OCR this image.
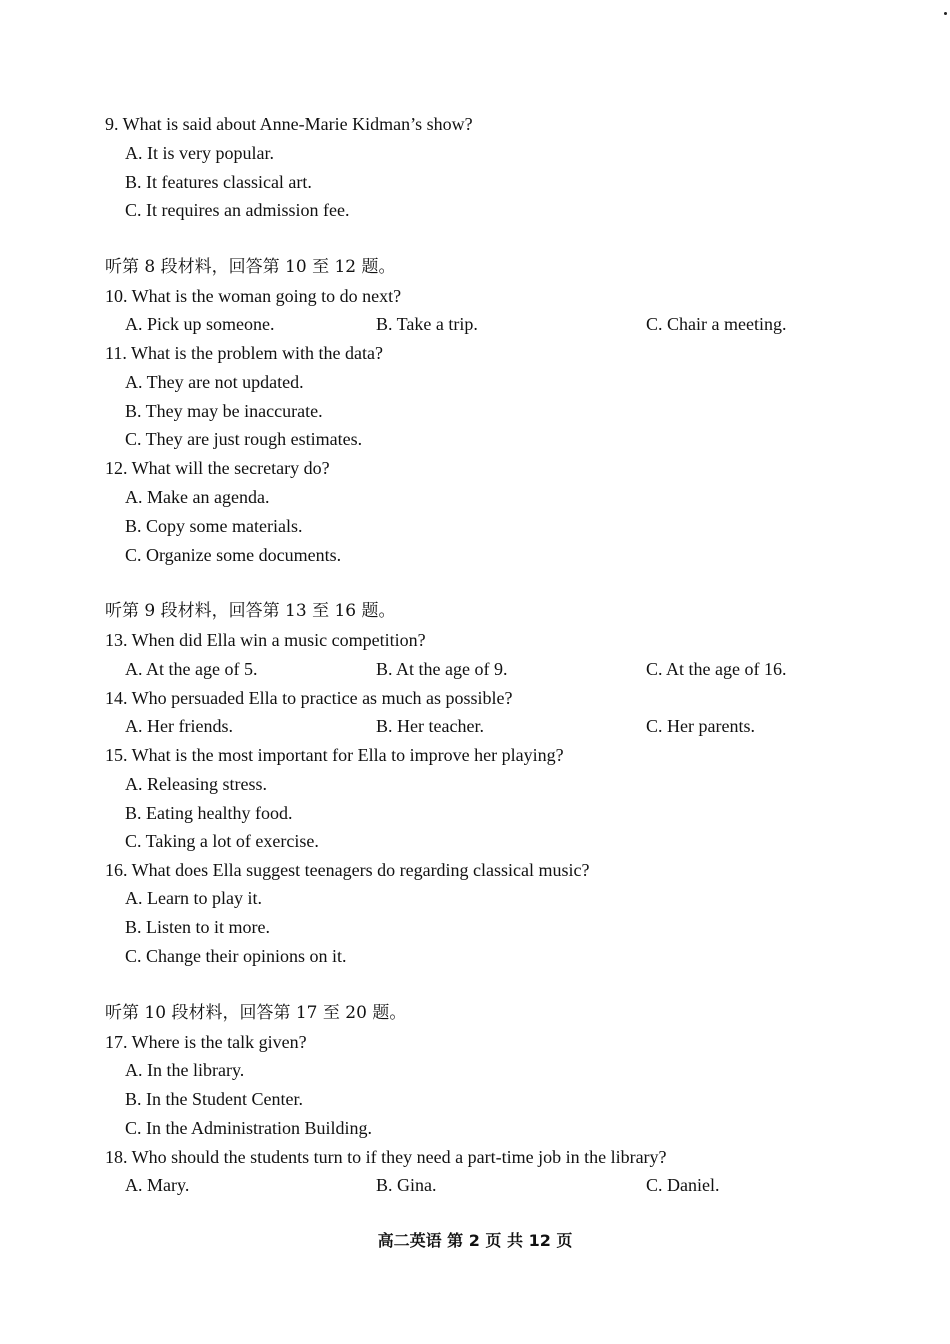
9. What is said about Anne-Marie Kidman’s show?
A. It is very popular.
B. It features classical art.
C. It requires an admission fee.
听第 8 段材料，回答第 10 至 12 题。
10. What is the woman going to do next?
A. Pick up someone.	B. Take a trip.	C. Chair a meeting.
11. What is the problem with the data?
A. They are not updated.
B. They may be inaccurate.
C. They are just rough estimates.
12. What will the secretary do?
A. Make an agenda.
B. Copy some materials.
C. Organize some documents.
听第 9 段材料，回答第 13 至 16 题。
13. When did Ella win a music competition?
A. At the age of 5.	B. At the age of 9.	C. At the age of 16.
14. Who persuaded Ella to practice as much as possible?
A. Her friends.	B. Her teacher.	C. Her parents.
15. What is the most important for Ella to improve her playing?
A. Releasing stress.
B. Eating healthy food.
C. Taking a lot of exercise.
16. What does Ella suggest teenagers do regarding classical music?
A. Learn to play it.
B. Listen to it more.
C. Change their opinions on it.
听第 10 段材料，回答第 17 至 20 题。
17. Where is the talk given?
A. In the library.
B. In the Student Center.
C. In the Administration Building.
18. Who should the students turn to if they need a part-time job in the library?
A. Mary.	B. Gina.	C. Daniel.
高二英语 第 2 页 共 12 页
